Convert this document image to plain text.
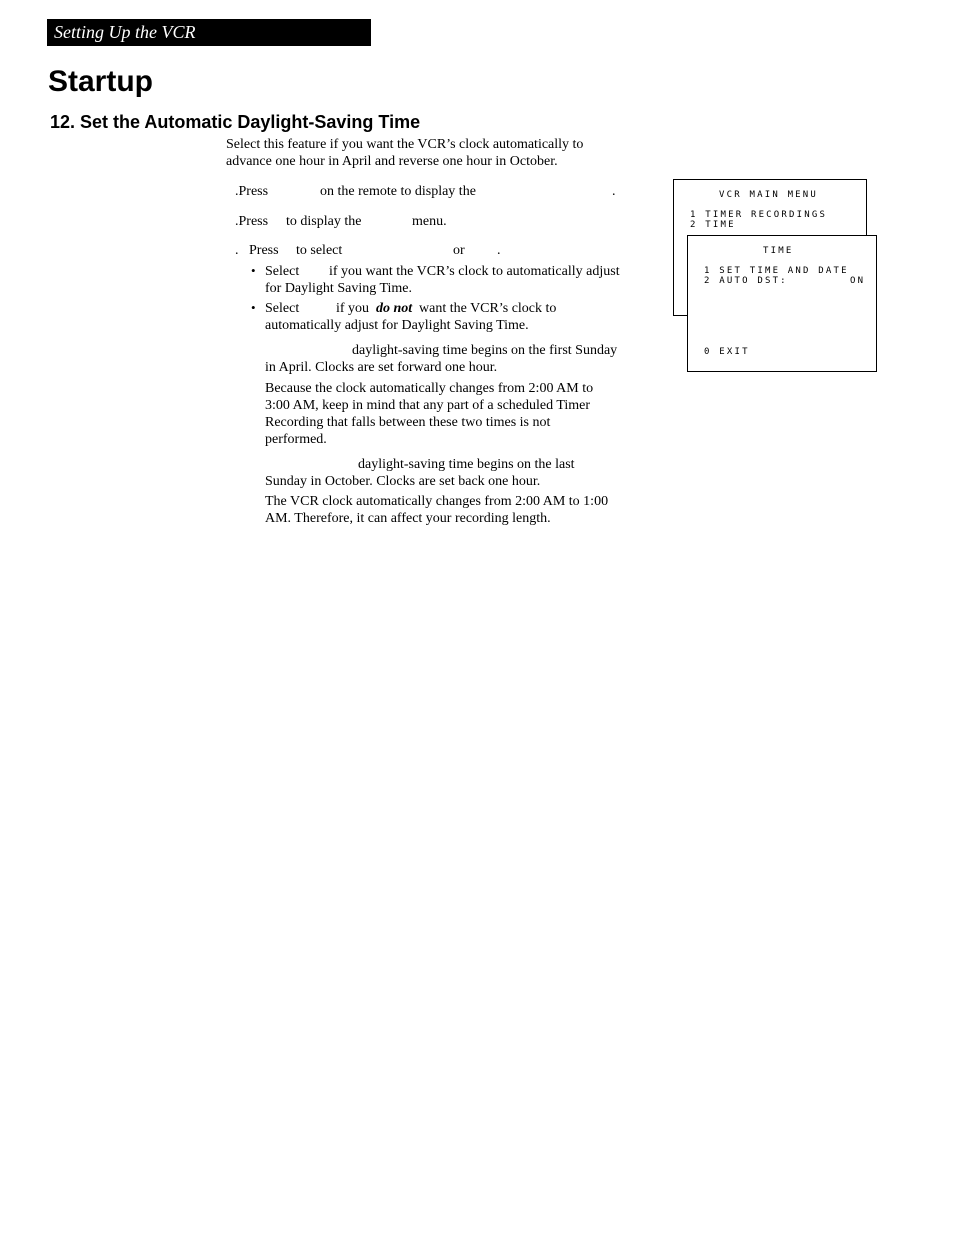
Setting Up the VCR
Startup
12. Set the Automatic Daylight-Saving Time
Select this feature if you want the VCR’s clock automatically to
advance one hour in April and reverse one hour in October.
.Press	on the remote to display the	.
.Press to display the	menu.
. Press to select	or .
• Select if you want the VCR’s clock to automatically adjust
for Daylight Saving Time.
• Select	if you do not want the VCR’s clock to
automatically adjust for Daylight Saving Time.
daylight-saving time begins on the first Sunday
in April. Clocks are set forward one hour.
Because the clock automatically changes from 2:00 AM to
3:00 AM, keep in mind that any part of a scheduled Timer
Recording that falls between these two times is not
performed.
daylight-saving time begins on the last
Sunday in October. Clocks are set back one hour.
The VCR clock automatically changes from 2:00 AM to 1:00
AM. Therefore, it can affect your recording length.

VCR MAIN MENU

1 TIMER RECORDINGS

2 TIME

TIME

1 SET TIME AND DATE

2 AUTO DST:

	ON

0 EXIT
